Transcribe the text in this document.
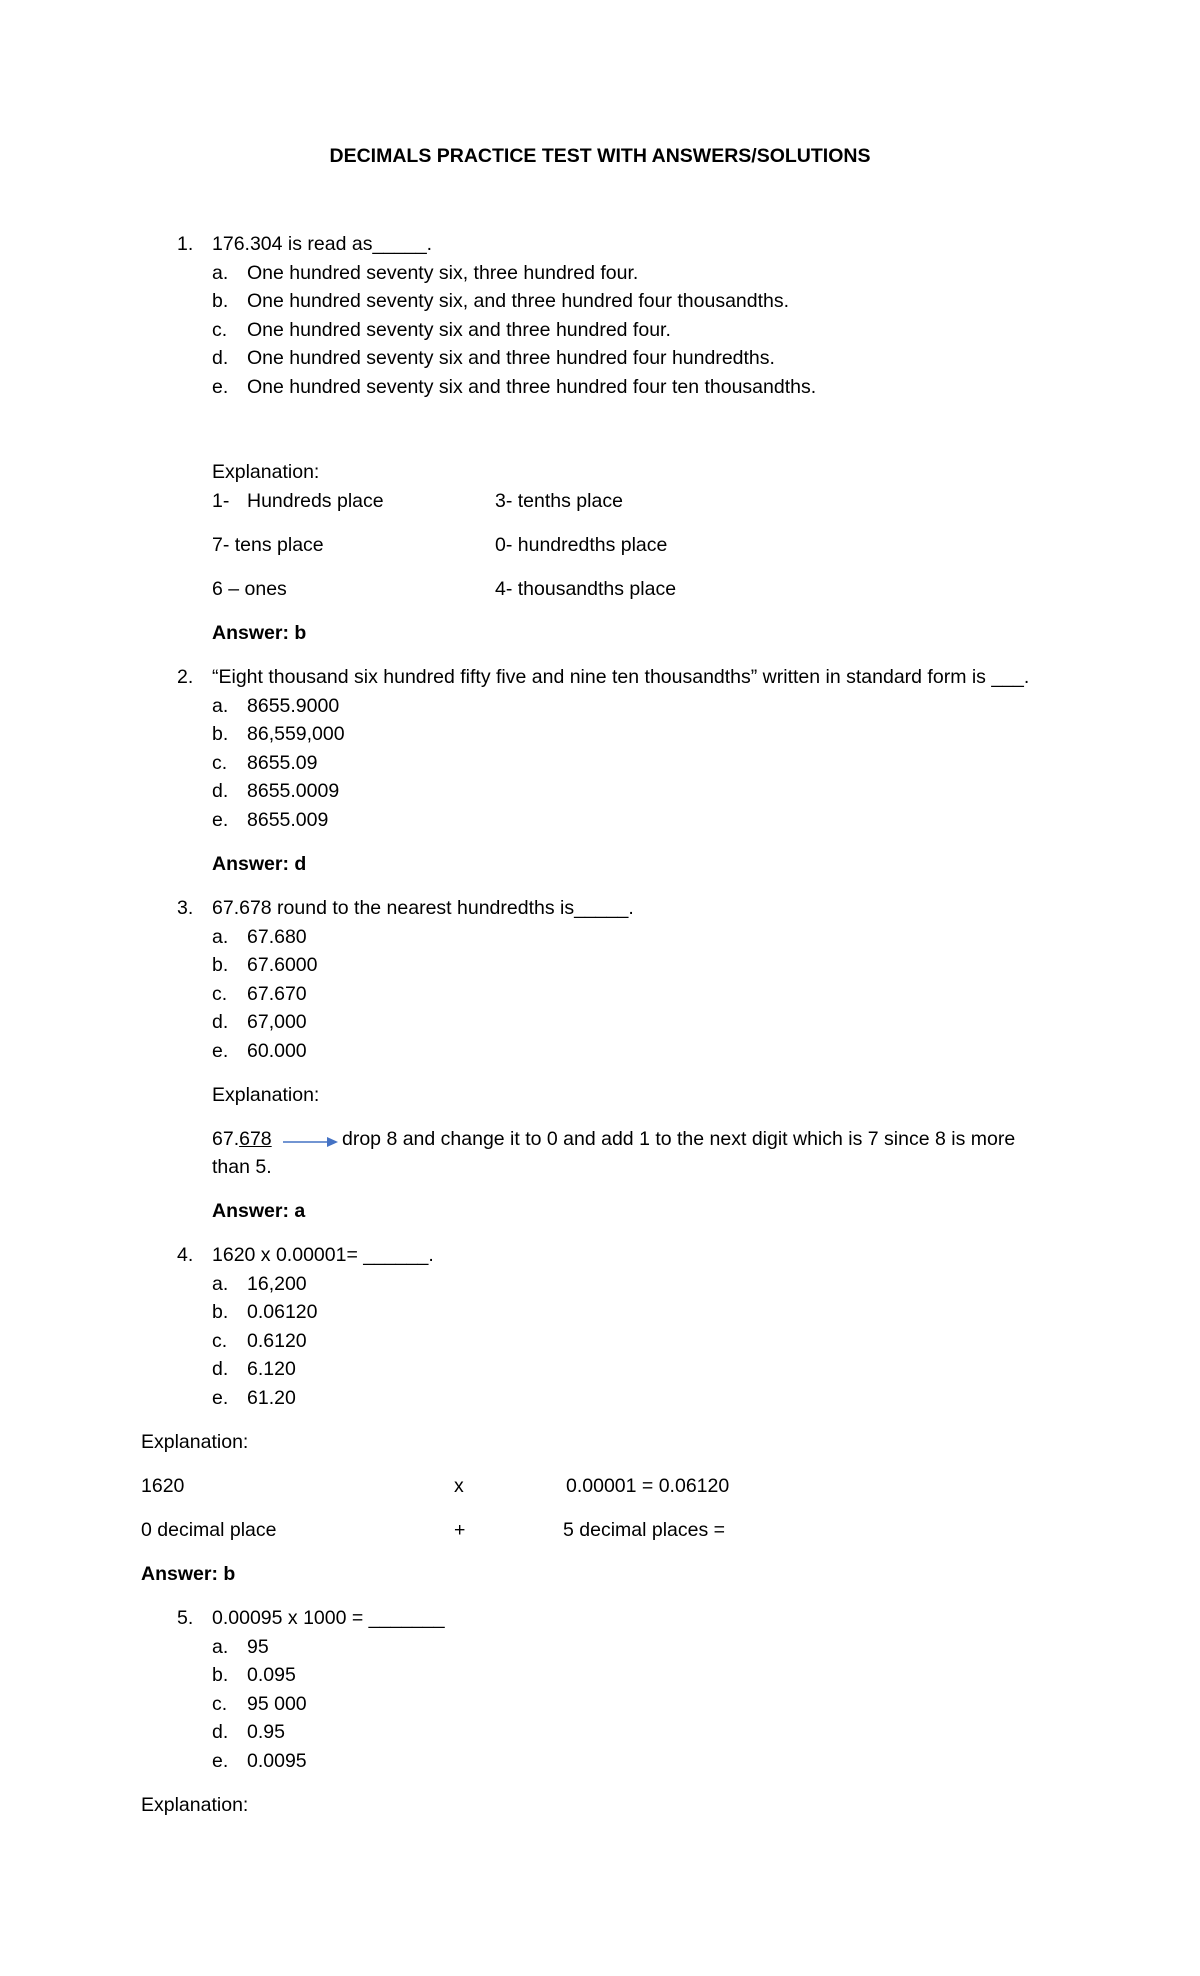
DECIMALS PRACTICE TEST WITH ANSWERS/SOLUTIONS
1. 176.304 is read as_____.
a. One hundred seventy six, three hundred four.
b. One hundred seventy six, and three hundred four thousandths.
c. One hundred seventy six and three hundred four.
d. One hundred seventy six and three hundred four hundredths.
e. One hundred seventy six and three hundred four ten thousandths.
Explanation:
1- Hundreds place	3- tenths place
7- tens place	0- hundredths place
6 – ones	4- thousandths place
Answer: b
2. “Eight thousand six hundred fifty five and nine ten thousandths” written in standard form is ___.
a. 8655.9000
b. 86,559,000
c. 8655.09
d. 8655.0009
e. 8655.009
Answer: d
3. 67.678 round to the nearest hundredths is_____.
a. 67.680
b. 67.6000
c. 67.670
d. 67,000
e. 60.000
Explanation:
67.678	drop 8 and change it to 0 and add 1 to the next digit which is 7 since 8 is more
than 5.
Answer: a
4. 1620 x 0.00001= ______.
a. 16,200
b. 0.06120
c. 0.6120
d. 6.120
e. 61.20
Explanation:
1620	x	0.00001 = 0.06120
0 decimal place	+	5 decimal places =
Answer: b
5. 0.00095 x 1000 = _______
a. 95
b. 0.095
c. 95 000
d. 0.95
e. 0.0095
Explanation:
